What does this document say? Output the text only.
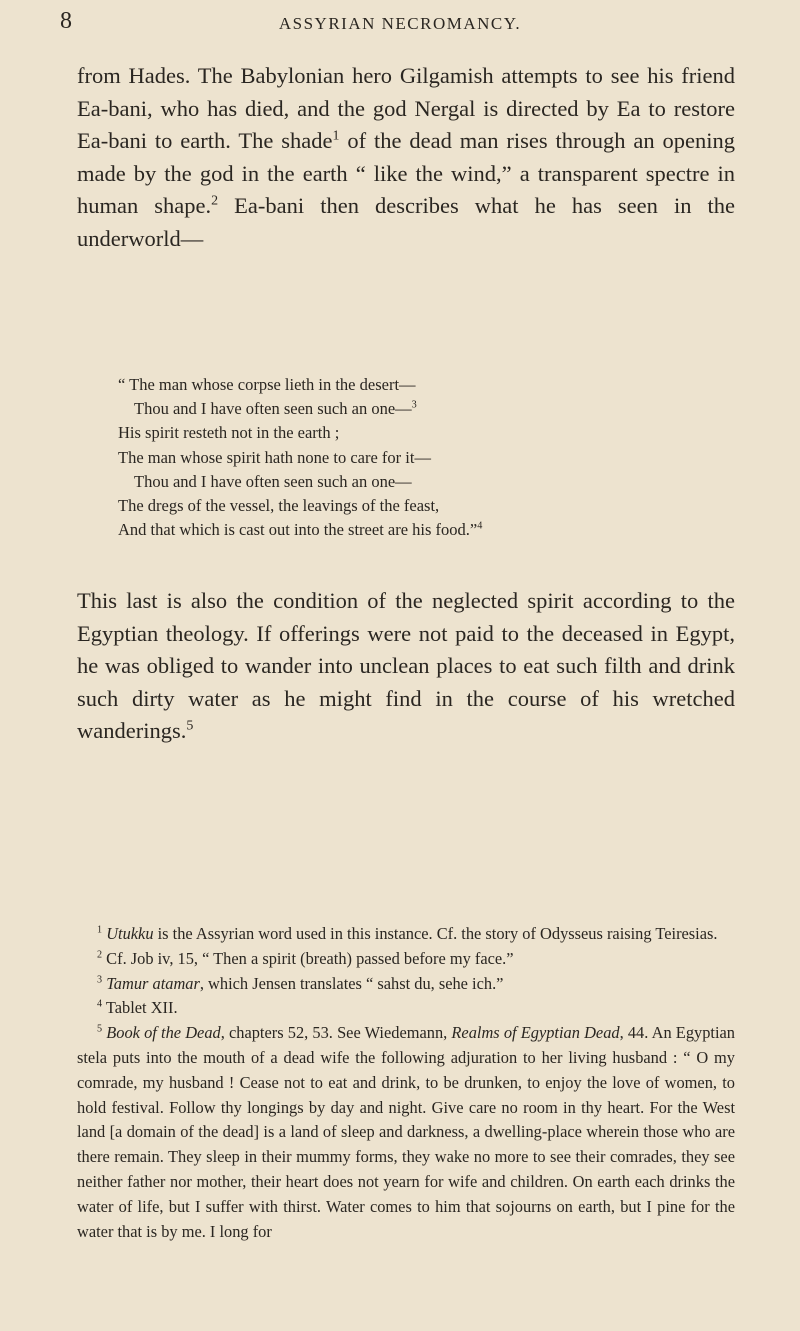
8	ASSYRIAN NECROMANCY.
from Hades. The Babylonian hero Gilgamish attempts to see his friend Ea-bani, who has died, and the god Nergal is directed by Ea to restore Ea-bani to earth. The shade$^1$ of the dead man rises through an opening made by the god in the earth “ like the wind,” a transparent spectre in human shape.$^2$ Ea-bani then describes what he has seen in the underworld—
“ The man whose corpse lieth in the desert—
Thou and I have often seen such an one—$^3$
His spirit resteth not in the earth ;
The man whose spirit hath none to care for it—
Thou and I have often seen such an one—
The dregs of the vessel, the leavings of the feast,
And that which is cast out into the street are his food.”$^4$
This last is also the condition of the neglected spirit according to the Egyptian theology. If offerings were not paid to the deceased in Egypt, he was obliged to wander into unclean places to eat such filth and drink such dirty water as he might find in the course of his wretched wanderings.$^5$

$^1$ Utukku is the Assyrian word used in this instance. Cf. the story of Odysseus raising Teiresias.

$^2$ Cf. Job iv, 15, “ Then a spirit (breath) passed before my face.”

$^3$ Tamur atamar, which Jensen translates “ sahst du, sehe ich.”

$^4$ Tablet XII.

$^5$ Book of the Dead, chapters 52, 53. See Wiedemann, Realms of Egyptian Dead, 44. An Egyptian stela puts into the mouth of a dead wife the following adjuration to her living husband : “ O my comrade, my husband ! Cease not to eat and drink, to be drunken, to enjoy the love of women, to hold festival. Follow thy longings by day and night. Give care no room in thy heart. For the West land [a domain of the dead] is a land of sleep and darkness, a dwelling-place wherein those who are there remain. They sleep in their mummy forms, they wake no more to see their comrades, they see neither father nor mother, their heart does not yearn for wife and children. On earth each drinks the water of life, but I suffer with thirst. Water comes to him that sojourns on earth, but I pine for the water that is by me. I long for
